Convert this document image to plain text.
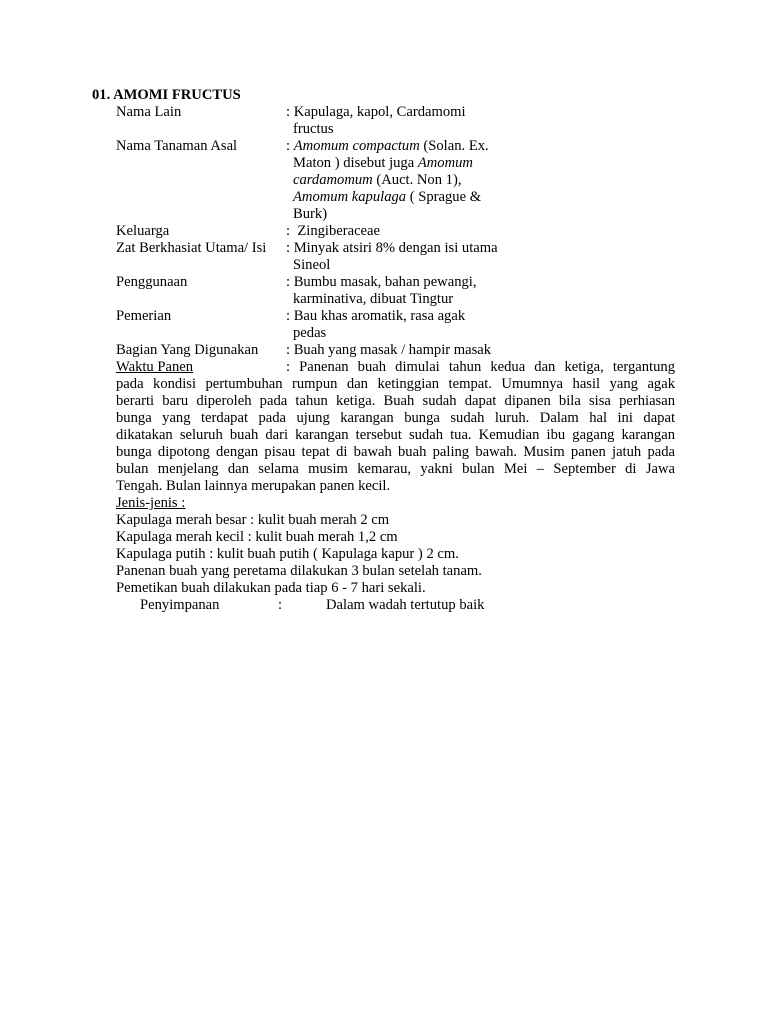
01. AMOMI FRUCTUS
Nama Lain	: Kapulaga, kapol, Cardamomi
fructus
Nama Tanaman Asal	: Amomum compactum (Solan. Ex.
Maton ) disebut juga Amomum
cardamomum (Auct. Non 1),
Amomum kapulaga ( Sprague &
Burk)
Keluarga	:  Zingiberaceae
Zat Berkhasiat Utama/ Isi : Minyak atsiri 8% dengan isi utama
Sineol
Penggunaan	: Bumbu masak, bahan pewangi,
karminativa, dibuat Tingtur
Pemerian	: Bau khas aromatik, rasa agak
pedas
Bagian Yang Digunakan : Buah yang masak / hampir masak
Waktu Panen	: Panenan buah dimulai tahun kedua dan ketiga, tergantung
pada kondisi pertumbuhan rumpun dan ketinggian tempat. Umumnya hasil yang agak
berarti baru diperoleh pada tahun ketiga. Buah sudah dapat dipanen bila sisa perhiasan
bunga yang terdapat pada ujung karangan bunga sudah luruh. Dalam hal ini dapat
dikatakan seluruh buah dari karangan tersebut sudah tua. Kemudian ibu gagang karangan
bunga dipotong dengan pisau tepat di bawah buah paling bawah. Musim panen jatuh pada
bulan menjelang dan selama musim kemarau, yakni bulan Mei – September di Jawa
Tengah. Bulan lainnya merupakan panen kecil.
Jenis-jenis :
Kapulaga merah besar : kulit buah merah 2 cm
Kapulaga merah kecil : kulit buah merah 1,2 cm
Kapulaga putih : kulit buah putih ( Kapulaga kapur ) 2 cm.
Panenan buah yang peretama dilakukan 3 bulan setelah tanam.
Pemetikan buah dilakukan pada tiap 6 - 7 hari sekali.
Penyimpanan	:	Dalam wadah tertutup baik
